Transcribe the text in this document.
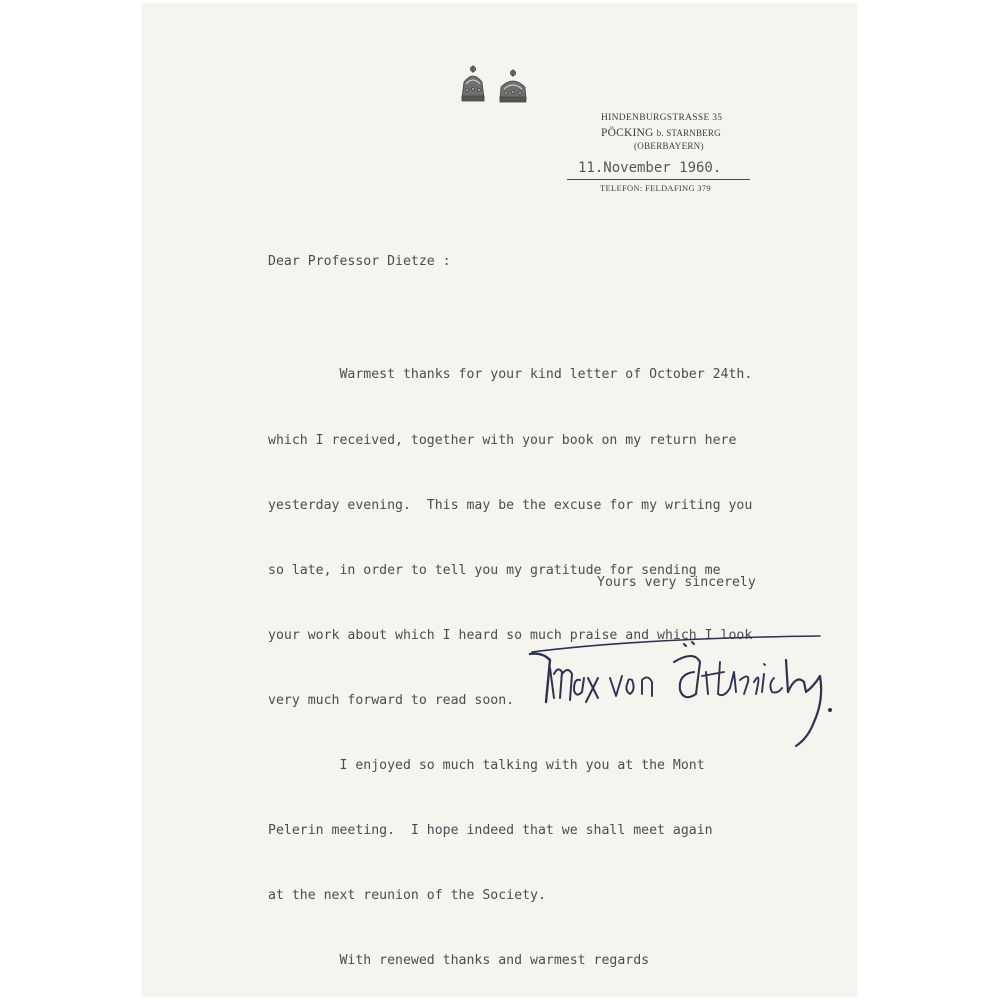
HINDENBURGSTRASSE 35
PÖCKING b. STARNBERG
(OBERBAYERN)
11.November 1960.
TELEFON: FELDAFING 379
Dear Professor Dietze :

Warmest thanks for your kind letter of October 24th.

which I received, together with your book on my return here

yesterday evening.  This may be the excuse for my writing you

so late, in order to tell you my gratitude for sending me

your work about which I heard so much praise and which I look

very much forward to read soon.

I enjoyed so much talking with you at the Mont

Pelerin meeting.  I hope indeed that we shall meet again

at the next reunion of the Society.

With renewed thanks and warmest regards

Yours very sincerely
